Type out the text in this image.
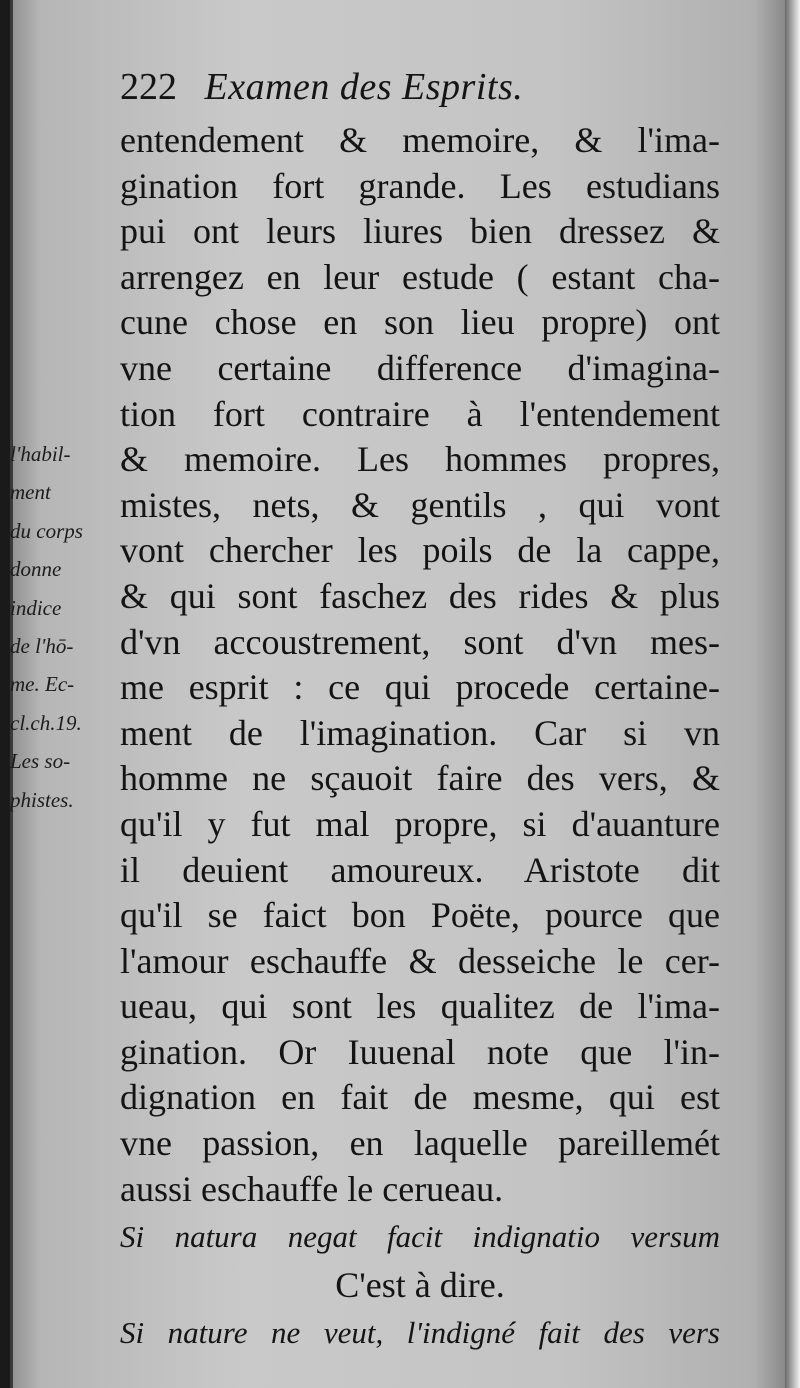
222 Examen des Esprits.
l'habil-
ment
du corps
donne
indice
de l'hō-
me. Ec-
cl.ch.19.
Les so-
phistes.
entendement & memoire, & l'ima-
gination fort grande. Les estudians
pui ont leurs liures bien dressez &
arrengez en leur estude ( estant cha-
cune chose en son lieu propre) ont
vne certaine difference d'imagina-
tion fort contraire à l'entendement
& memoire. Les hommes propres,
mistes, nets, & gentils , qui vont
vont chercher les poils de la cappe,
& qui sont faschez des rides & plus
d'vn accoustrement, sont d'vn mes-
me esprit : ce qui procede certaine-
ment de l'imagination. Car si vn
homme ne sçauoit faire des vers, &
qu'il y fut mal propre, si d'auanture
il deuient amoureux. Aristote dit
qu'il se faict bon Poëte, pource que
l'amour eschauffe & desseiche le cer-
ueau, qui sont les qualitez de l'ima-
gination. Or Iuuenal note que l'in-
dignation en fait de mesme, qui est
vne passion, en laquelle pareillemét
aussi eschauffe le cerueau.
Si natura negat facit indignatio versum
C'est à dire.
Si nature ne veut, l'indigné fait des vers
